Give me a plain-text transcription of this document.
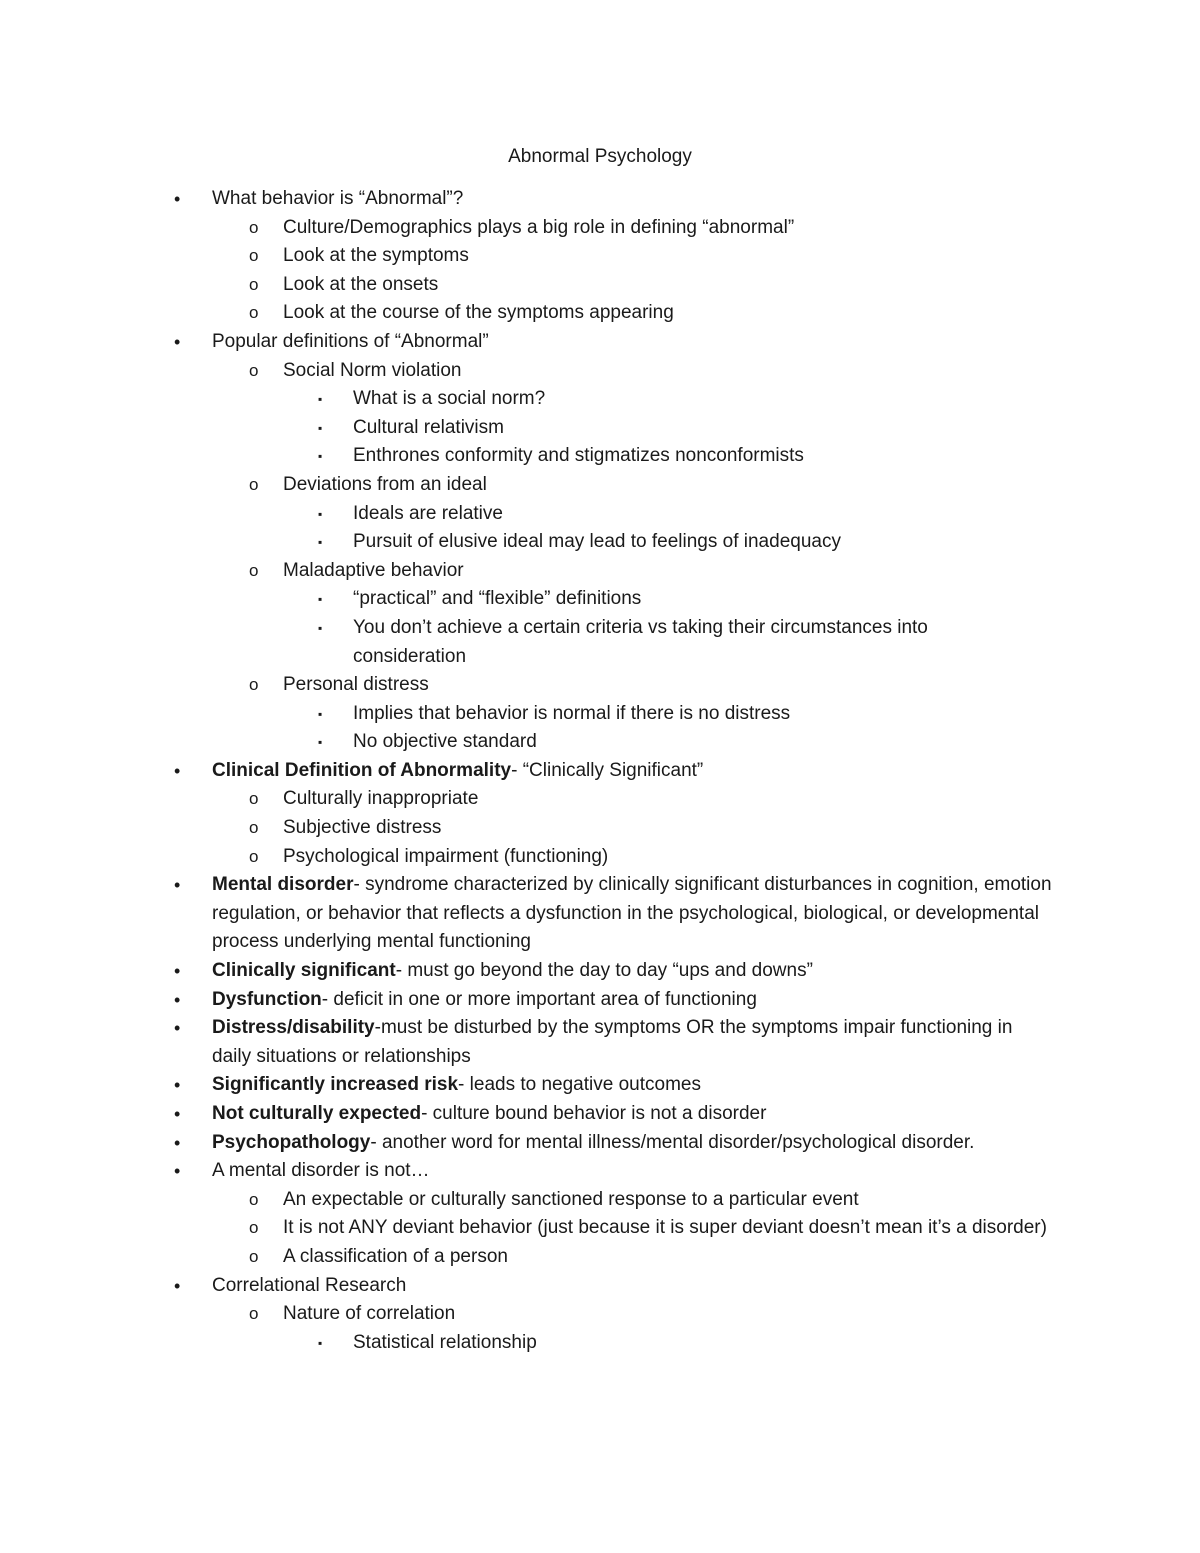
Abnormal Psychology
• What behavior is “Abnormal”?
o Culture/Demographics plays a big role in defining “abnormal”
o Look at the symptoms
o Look at the onsets
o Look at the course of the symptoms appearing
• Popular definitions of “Abnormal”
o Social Norm violation
▪ What is a social norm?
▪ Cultural relativism
▪ Enthrones conformity and stigmatizes nonconformists
o Deviations from an ideal
▪ Ideals are relative
▪ Pursuit of elusive ideal may lead to feelings of inadequacy
o Maladaptive behavior
▪ “practical” and “flexible” definitions
▪ You don’t achieve a certain criteria vs taking their circumstances into consideration
o Personal distress
▪ Implies that behavior is normal if there is no distress
▪ No objective standard
• Clinical Definition of Abnormality- “Clinically Significant”
o Culturally inappropriate
o Subjective distress
o Psychological impairment (functioning)
• Mental disorder- syndrome characterized by clinically significant disturbances in cognition, emotion regulation, or behavior that reflects a dysfunction in the psychological, biological, or developmental process underlying mental functioning
• Clinically significant- must go beyond the day to day “ups and downs”
• Dysfunction- deficit in one or more important area of functioning
• Distress/disability-must be disturbed by the symptoms OR the symptoms impair functioning in daily situations or relationships
• Significantly increased risk- leads to negative outcomes
• Not culturally expected- culture bound behavior is not a disorder
• Psychopathology- another word for mental illness/mental disorder/psychological disorder.
• A mental disorder is not…
o An expectable or culturally sanctioned response to a particular event
o It is not ANY deviant behavior (just because it is super deviant doesn’t mean it’s a disorder)
o A classification of a person
• Correlational Research
o Nature of correlation
▪ Statistical relationship
